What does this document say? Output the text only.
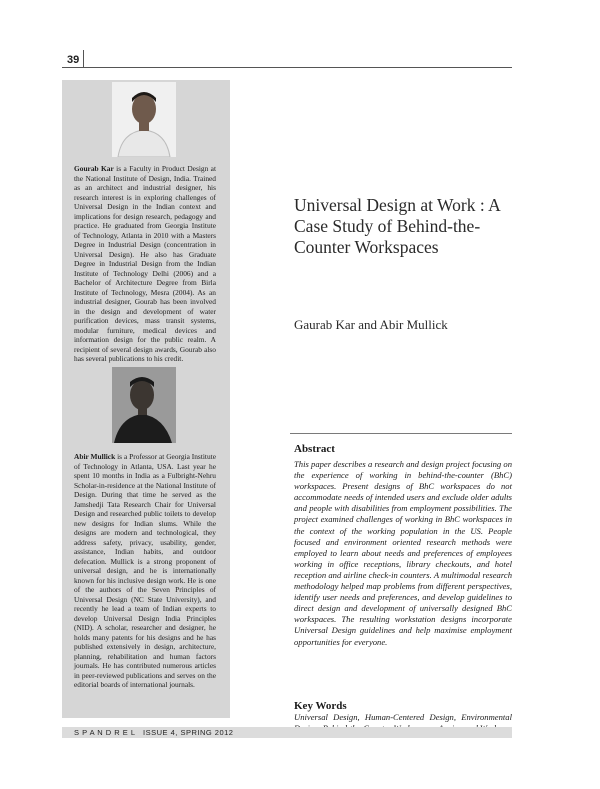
39
Gourab Kar is a Faculty in Product Design at the National Institute of Design, India. Trained as an architect and industrial designer, his research interest is in exploring challenges of Universal Design in the Indian context and implications for design research, pedagogy and practice. He graduated from Georgia Institute of Technology, Atlanta in 2010 with a Masters Degree in Industrial Design (concentration in Universal Design). He also has Graduate Degree in Industrial Design from the Indian Institute of Technology Delhi (2006) and a Bachelor of Architecture Degree from Birla Institute of Technology, Mesra (2004). As an industrial designer, Gourab has been involved in the design and development of water purification devices, mass transit systems, modular furniture, medical devices and information design for the public realm. A recipient of several design awards, Gourab also has several publications to his credit.
Abir Mullick is a Professor at Georgia Institute of Technology in Atlanta, USA. Last year he spent 10 months in India as a Fulbright-Nehru Scholar-in-residence at the National Institute of Design. During that time he served as the Jamshedji Tata Research Chair for Universal Design and researched public toilets to develop new designs for Indian slums. While the designs are modern and technological, they address safety, privacy, usability, gender, assistance, Indian habits, and outdoor defecation. Mullick is a strong proponent of universal design, and he is internationally known for his inclusive design work. He is one of the authors of the Seven Principles of Universal Design (NC State University), and recently he lead a team of Indian experts to develop Universal Design India Principles (NID). A scholar, researcher and designer, he holds many patents for his designs and he has published extensively in design, architecture, planning, rehabilitation and human factors journals. He has contributed numerous articles in peer-reviewed publications and serves on the editorial boards of international journals.
Universal Design at Work : A Case Study of Behind-the-Counter Workspaces
Gaurab Kar and Abir Mullick
Abstract
This paper describes a research and design project focusing on the experience of working in behind-the-counter (BhC) workspaces. Present designs of BhC workspaces do not accommodate needs of intended users and exclude older adults and people with disabilities from employment possibilities. The project examined challenges of working in BhC workspaces in the context of the working population in the US. People focused and environment oriented research methods were employed to learn about needs and preferences of employees working in office receptions, library checkouts, and hotel reception and airline check-in counters. A multimodal research methodology helped map problems from different perspectives, identify user needs and preferences, and develop guidelines to direct design and development of universally designed BhC workspaces. The resulting workstation designs incorporate Universal Design guidelines and help maximise employment opportunities for everyone.
Key Words
Universal Design, Human-Centered Design, Environmental
S P A N D R E L   ISSUE 4, SPRING 2012
